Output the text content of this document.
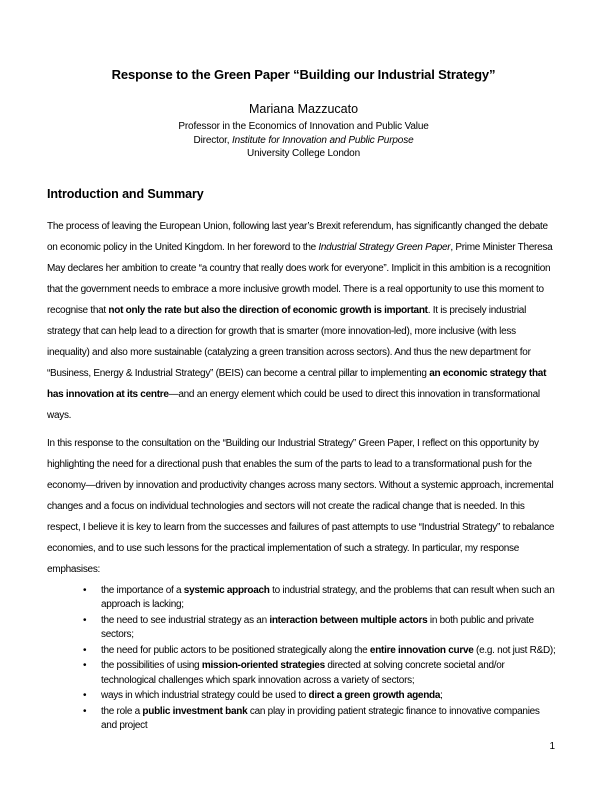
Response to the Green Paper “Building our Industrial Strategy”
Mariana Mazzucato
Professor in the Economics of Innovation and Public Value
Director, Institute for Innovation and Public Purpose
University College London
Introduction and Summary

The process of leaving the European Union, following last year’s Brexit referendum, has significantly changed the debate on economic policy in the United Kingdom. In her foreword to the Industrial Strategy Green Paper, Prime Minister Theresa May declares her ambition to create “a country that really does work for everyone”. Implicit in this ambition is a recognition that the government needs to embrace a more inclusive growth model. There is a real opportunity to use this moment to recognise that not only the rate but also the direction of economic growth is important. It is precisely industrial strategy that can help lead to a direction for growth that is smarter (more innovation-led), more inclusive (with less inequality) and also more sustainable (catalyzing a green transition across sectors). And thus the new department for “Business, Energy & Industrial Strategy” (BEIS) can become a central pillar to implementing an economic strategy that has innovation at its centre—and an energy element which could be used to direct this innovation in transformational ways.

In this response to the consultation on the “Building our Industrial Strategy” Green Paper, I reflect on this opportunity by highlighting the need for a directional push that enables the sum of the parts to lead to a transformational push for the economy—driven by innovation and productivity changes across many sectors. Without a systemic approach, incremental changes and a focus on individual technologies and sectors will not create the radical change that is needed. In this respect, I believe it is key to learn from the successes and failures of past attempts to use “Industrial Strategy” to rebalance economies, and to use such lessons for the practical implementation of such a strategy. In particular, my response emphasises:

•	the importance of a systemic approach to industrial strategy, and the problems that can result when such an approach is lacking;
•	the need to see industrial strategy as an interaction between multiple actors in both public and private sectors;
•	the need for public actors to be positioned strategically along the entire innovation curve (e.g. not just R&D);
•	the possibilities of using mission-oriented strategies directed at solving concrete societal and/or technological challenges which spark innovation across a variety of sectors;
•	ways in which industrial strategy could be used to direct a green growth agenda;
•	the role a public investment bank can play in providing patient strategic finance to innovative companies and project
1
